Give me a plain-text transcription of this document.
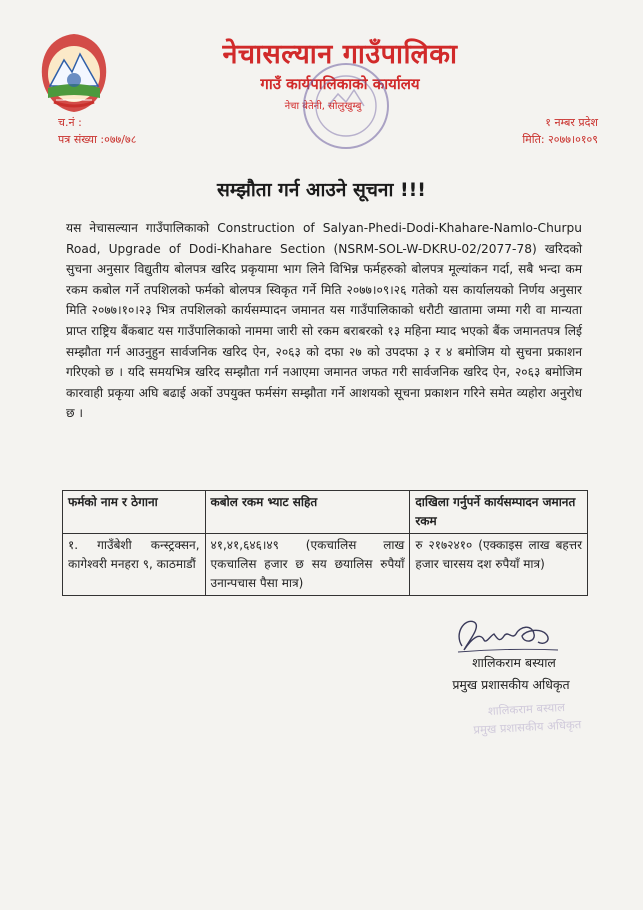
नेचासल्यान गाउँपालिका
गाउँ कार्यपालिकाको कार्यालय
नेचा बेतेनी, सोलुखुम्बु
च.नं :
पत्र संख्या :०७७/७८
१ नम्बर प्रदेश
मिति: २०७७।०१०९
सम्झौता गर्न आउने सूचना !!!
यस नेचासल्यान गाउँपालिकाको Construction of Salyan-Phedi-Dodi-Khahare-Namlo-Churpu Road, Upgrade of Dodi-Khahare Section (NSRM-SOL-W-DKRU-02/2077-78) खरिदको सुचना अनुसार विद्युतीय बोलपत्र खरिद प्रकृयामा भाग लिने विभिन्न फर्महरुको बोलपत्र मूल्यांकन गर्दा, सबै भन्दा कम रकम कबोल गर्ने तपशिलको फर्मको बोलपत्र स्विकृत गर्ने मिति २०७७।०९।२६ गतेको यस कार्यालयको निर्णय अनुसार मिति २०७७।१०।२३ भित्र तपशिलको कार्यसम्पादन जमानत यस गाउँपालिकाको धरौटी खातामा जम्मा गरी वा मान्यता प्राप्त राष्ट्रिय बैंकबाट यस गाउँपालिकाको नाममा जारी सो रकम बराबरको १३ महिना म्याद भएको बैंक जमानतपत्र लिई सम्झौता गर्न आउनुहुन सार्वजनिक खरिद ऐन, २०६३ को दफा २७ को उपदफा ३ र ४ बमोजिम यो सुचना प्रकाशन गरिएको छ । यदि समयभित्र खरिद सम्झौता गर्न नआएमा जमानत जफत गरी सार्वजनिक खरिद ऐन, २०६३ बमोजिम कारवाही प्रकृया अघि बढाई अर्को उपयुक्त फर्मसंग सम्झौता गर्ने आशयको सूचना प्रकाशन गरिने समेत व्यहोरा अनुरोध छ ।
फर्मको नाम र ठेगाना	कबोल रकम भ्याट सहित	दाखिला गर्नुपर्ने कार्यसम्पादन जमानत रकम
१. गाउँबेशी कन्स्ट्रक्सन, कागेश्वरी मनहरा ९, काठमाडौं	४१,४१,६४६।४९ (एकचालिस लाख एकचालिस हजार छ सय छयालिस रुपैयाँ उनान्पचास पैसा मात्र)	रु २१७२४१० (एक्काइस लाख बहत्तर हजार चारसय दश रुपैयाँ मात्र)
शालिकराम बस्याल
प्रमुख प्रशासकीय अधिकृत
शालिकराम बस्याल
प्रमुख प्रशासकीय अधिकृत
